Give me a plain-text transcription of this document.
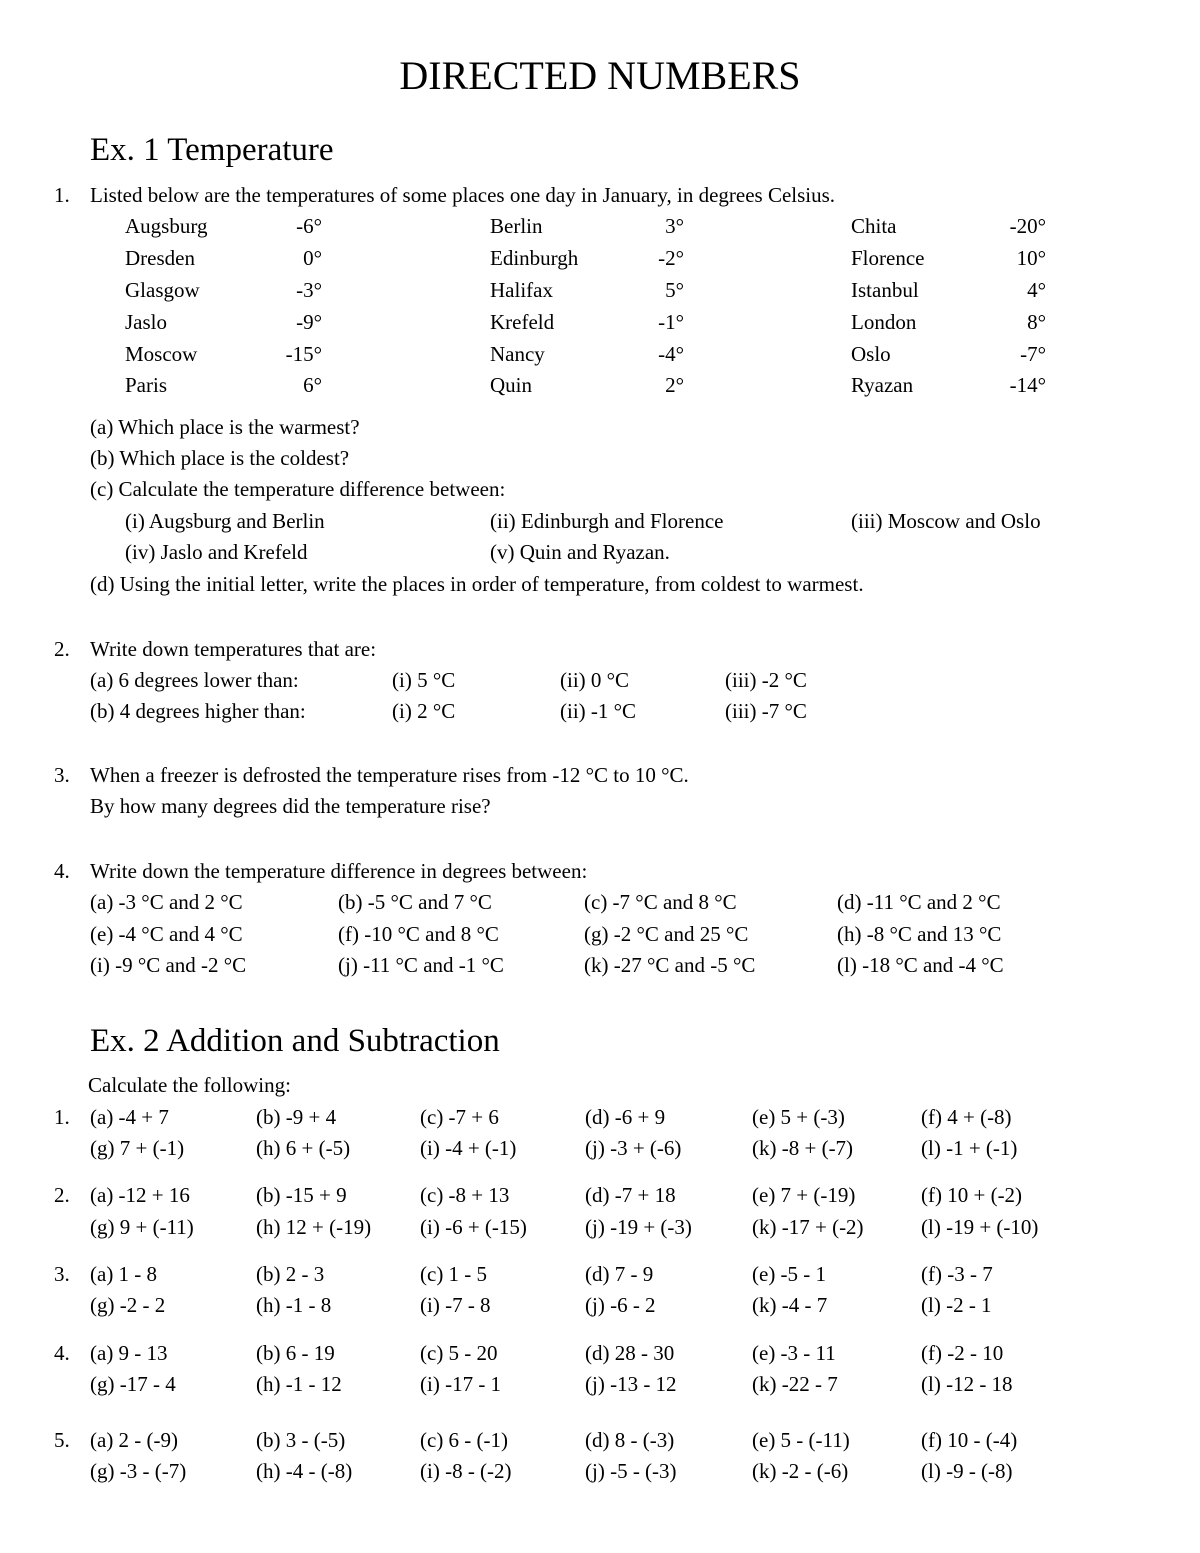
DIRECTED NUMBERS
Ex. 1 Temperature
1. Listed below are the temperatures of some places one day in January, in degrees Celsius.
Augsburg	-6°	Berlin	3°	Chita	-20°
Dresden	0°	Edinburgh	-2°	Florence	10°
Glasgow	-3°	Halifax	5°	Istanbul	4°
Jaslo	-9°	Krefeld	-1°	London	8°
Moscow	-15°	Nancy	-4°	Oslo	-7°
Paris	6°	Quin	2°	Ryazan	-14°
(a) Which place is the warmest?
(b) Which place is the coldest?
(c) Calculate the temperature difference between:
(i) Augsburg and Berlin	(ii) Edinburgh and Florence	(iii) Moscow and Oslo
(iv) Jaslo and Krefeld	(v) Quin and Ryazan.
(d) Using the initial letter, write the places in order of temperature, from coldest to warmest.
2. Write down temperatures that are:
(a) 6 degrees lower than:	(i) 5 °C	(ii) 0 °C	(iii) -2 °C
(b) 4 degrees higher than:	(i) 2 °C	(ii) -1 °C	(iii) -7 °C
3. When a freezer is defrosted the temperature rises from -12 °C to 10 °C.
By how many degrees did the temperature rise?
4. Write down the temperature difference in degrees between:
(a) -3 °C and 2 °C	(b) -5 °C and 7 °C	(c) -7 °C and 8 °C	(d) -11 °C and 2 °C
(e) -4 °C and 4 °C	(f) -10 °C and 8 °C	(g) -2 °C and 25 °C	(h) -8 °C and 13 °C
(i) -9 °C and -2 °C	(j) -11 °C and -1 °C	(k) -27 °C and -5 °C	(l) -18 °C and -4 °C
Ex. 2 Addition and Subtraction
Calculate the following:
1. (a) -4 + 7	(b) -9 + 4	(c) -7 + 6	(d) -6 + 9	(e) 5 + (-3)	(f) 4 + (-8)
(g) 7 + (-1)	(h) 6 + (-5)	(i) -4 + (-1)	(j) -3 + (-6)	(k) -8 + (-7)	(l) -1 + (-1)
2. (a) -12 + 16	(b) -15 + 9	(c) -8 + 13	(d) -7 + 18	(e) 7 + (-19)	(f) 10 + (-2)
(g) 9 + (-11)	(h) 12 + (-19) (i) -6 + (-15)	(j) -19 + (-3)	(k) -17 + (-2)	(l) -19 + (-10)
3. (a) 1 - 8	(b) 2 - 3	(c) 1 - 5	(d) 7 - 9	(e) -5 - 1	(f) -3 - 7
(g) -2 - 2	(h) -1 - 8	(i) -7 - 8	(j) -6 - 2	(k) -4 - 7	(l) -2 - 1
4. (a) 9 - 13	(b) 6 - 19	(c) 5 - 20	(d) 28 - 30	(e) -3 - 11	(f) -2 - 10
(g) -17 - 4	(h) -1 - 12	(i) -17 - 1	(j) -13 - 12	(k) -22 - 7	(l) -12 - 18
5. (a) 2 - (-9)	(b) 3 - (-5)	(c) 6 - (-1)	(d) 8 - (-3)	(e) 5 - (-11)	(f) 10 - (-4)
(g) -3 - (-7)	(h) -4 - (-8)	(i) -8 - (-2)	(j) -5 - (-3)	(k) -2 - (-6)	(l) -9 - (-8)
